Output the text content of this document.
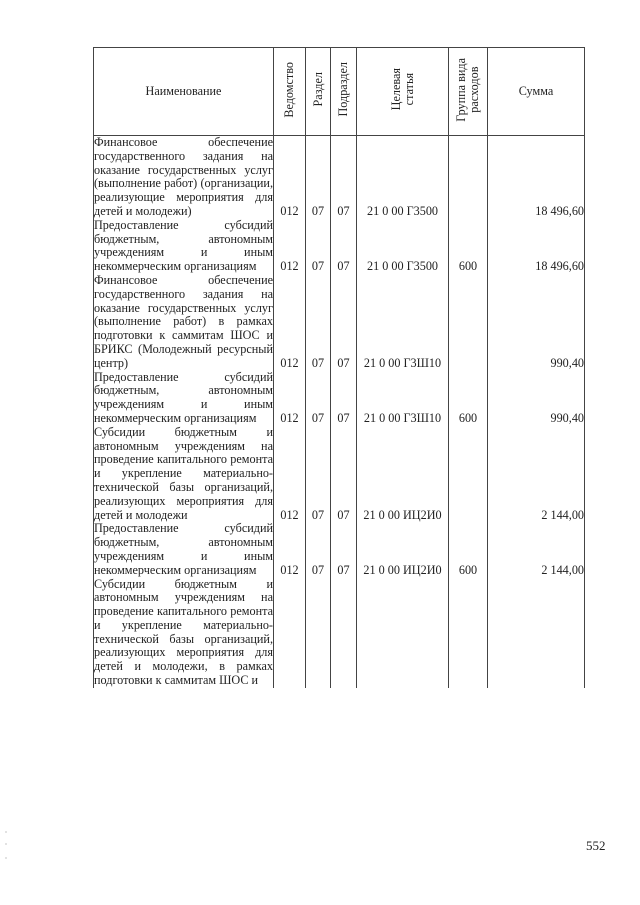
Наименование	Ведомство	Раздел	Подраздел	Целевая
статья	Группа вида
расходов	Сумма
Финансовое обеспечение государственного задания на оказание государственных услуг (выполнение работ) (организации, реализующие мероприятия для детей и молодежи)	012	07	07	21 0 00 Г3500		18 496,60
Предоставление субсидий бюджетным, автономным учреждениям и иным некоммерческим организациям	012	07	07	21 0 00 Г3500	600	18 496,60
Финансовое обеспечение государственного задания на оказание государственных услуг (выполнение работ) в рамках подготовки к саммитам ШОС и БРИКС (Молодежный ресурсный центр)	012	07	07	21 0 00 Г3Ш10		990,40
Предоставление субсидий бюджетным, автономным учреждениям и иным некоммерческим организациям	012	07	07	21 0 00 Г3Ш10	600	990,40
Субсидии бюджетным и автономным учреждениям на проведение капитального ремонта и укрепление материально-технической базы организаций, реализующих мероприятия для детей и молодежи	012	07	07	21 0 00 ИЦ2И0		2 144,00
Предоставление субсидий бюджетным, автономным учреждениям и иным некоммерческим организациям	012	07	07	21 0 00 ИЦ2И0	600	2 144,00
Субсидии бюджетным и автономным учреждениям на проведение капитального ремонта и укрепление материально-технической базы организаций, реализующих мероприятия для детей и молодежи, в рамках подготовки к саммитам ШОС и						
552
